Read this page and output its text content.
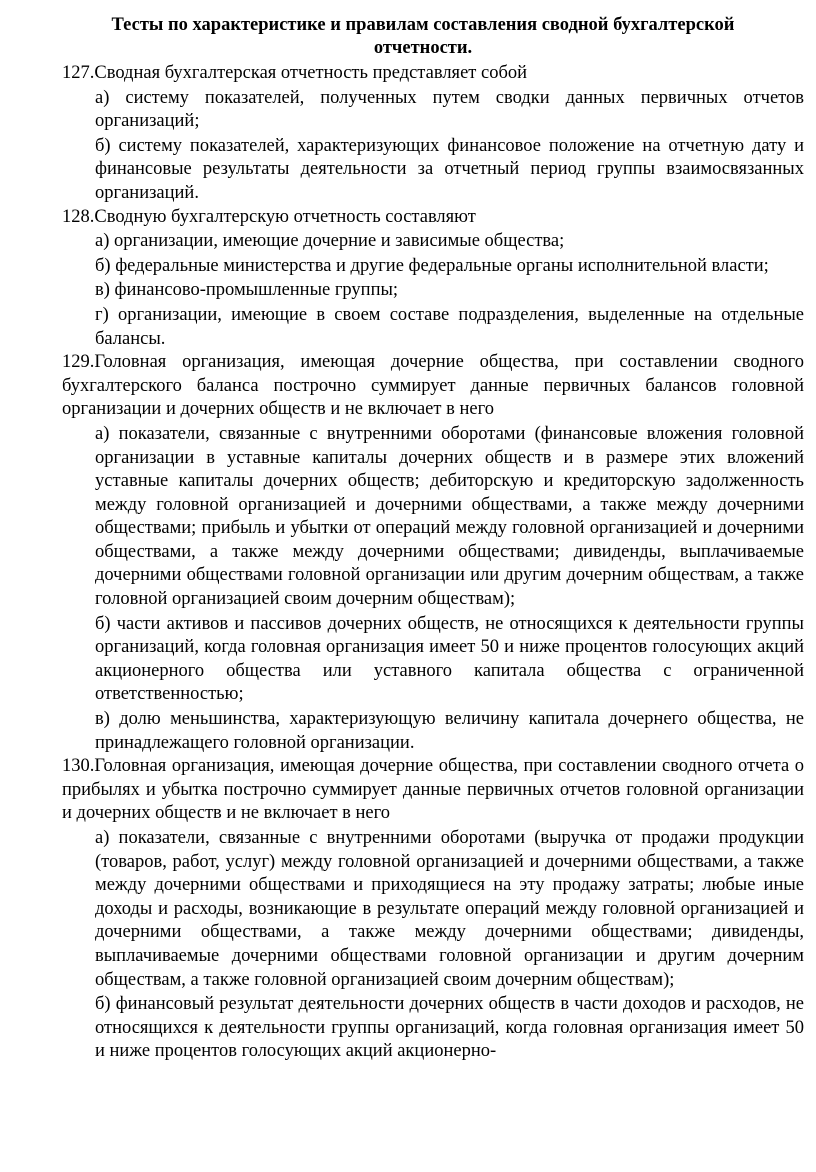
Тесты по характеристике и правилам составления сводной бухгалтерской
отчетности.

127.Сводная бухгалтерская отчетность представляет собой

а) систему показателей, полученных путем сводки данных первичных отчетов организаций;

б) систему показателей, характеризующих финансовое положение на отчетную дату и финансовые результаты деятельности за отчетный период группы взаимосвязанных организаций.

128.Сводную бухгалтерскую отчетность составляют

а) организации, имеющие дочерние и зависимые общества;

б) федеральные министерства и другие федеральные органы исполнительной власти;

в) финансово-промышленные группы;

г) организации, имеющие в своем составе подразделения, выделенные на отдельные балансы.

129.Головная организация, имеющая дочерние общества, при составлении сводного бухгалтерского баланса построчно суммирует данные первичных балансов головной организации и дочерних обществ и не включает в него

а) показатели, связанные с внутренними оборотами (финансовые вложения головной организации в уставные капиталы дочерних обществ и в размере этих вложений уставные капиталы дочерних обществ; дебиторскую и кредиторскую задолженность между головной организацией и дочерними обществами, а также между дочерними обществами; прибыль и убытки от операций между головной организацией и дочерними обществами, а также между дочерними обществами; дивиденды, выплачиваемые дочерними обществами головной организации или другим дочерним обществам, а также головной организацией своим дочерним обществам);

б) части активов и пассивов дочерних обществ, не относящихся к деятельности группы организаций, когда головная организация имеет 50 и ниже процентов голосующих акций акционерного общества или уставного капитала общества с ограниченной ответственностью;

в) долю меньшинства, характеризующую величину капитала дочернего общества, не принадлежащего головной организации.

130.Головная организация, имеющая дочерние общества, при составлении сводного отчета о прибылях и убытка построчно суммирует данные первичных отчетов головной организации и дочерних обществ и не включает в него

а) показатели, связанные с внутренними оборотами (выручка от продажи продукции (товаров, работ, услуг) между головной организацией и дочерними обществами, а также между дочерними обществами и приходящиеся на эту продажу затраты; любые иные доходы и расходы, возникающие в результате операций между головной организацией и дочерними обществами, а также между дочерними обществами; дивиденды, выплачиваемые дочерними обществами головной организации и другим дочерним обществам, а также головной организацией своим дочерним обществам);

б) финансовый результат деятельности дочерних обществ в части доходов и расходов, не относящихся к деятельности группы организаций, когда головная организация имеет 50 и ниже процентов голосующих акций акционерно-
